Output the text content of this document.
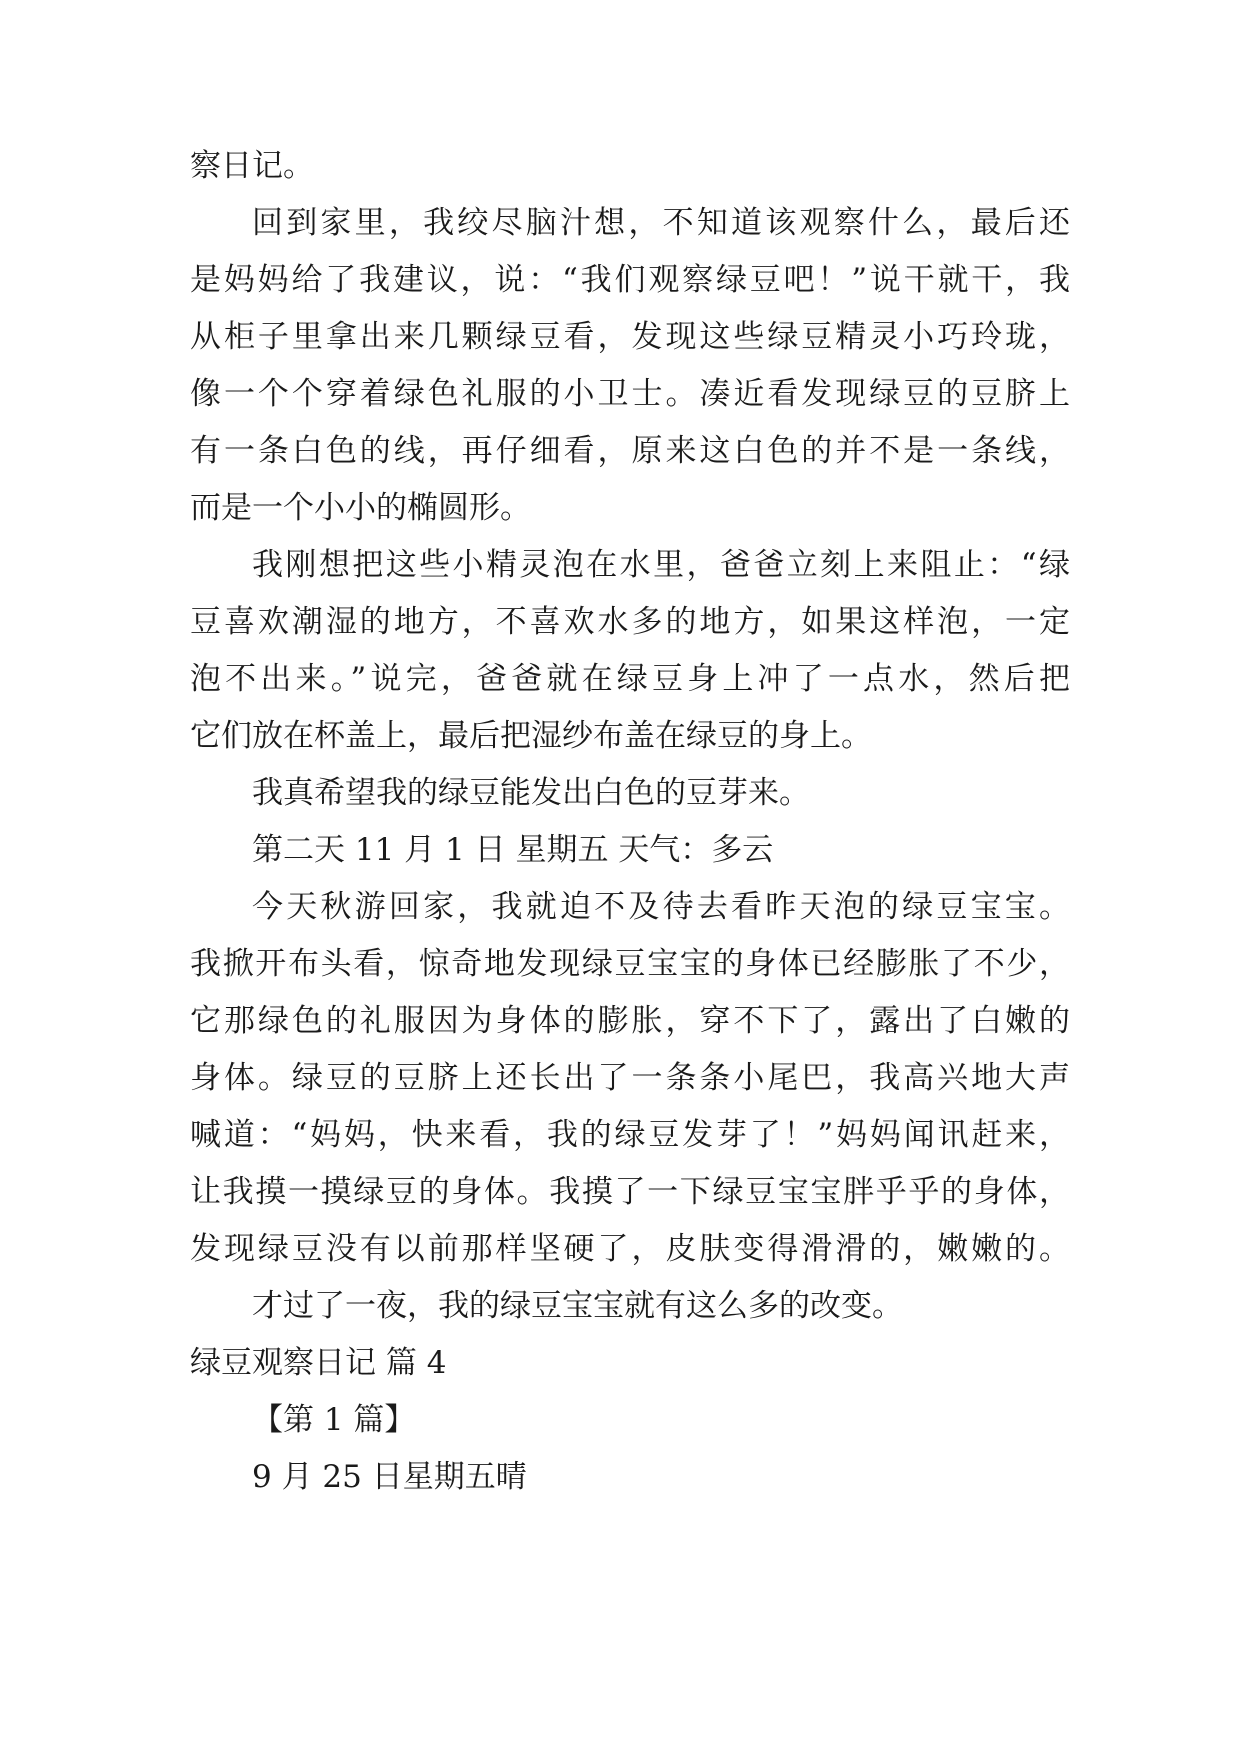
察日记。

回到家里，我绞尽脑汁想，不知道该观察什么，最后还

是妈妈给了我建议，说：“我们观察绿豆吧！”说干就干，我

从柜子里拿出来几颗绿豆看，发现这些绿豆精灵小巧玲珑，

像一个个穿着绿色礼服的小卫士。凑近看发现绿豆的豆脐上

有一条白色的线，再仔细看，原来这白色的并不是一条线，

而是一个小小的椭圆形。

我刚想把这些小精灵泡在水里，爸爸立刻上来阻止：“绿

豆喜欢潮湿的地方，不喜欢水多的地方，如果这样泡，一定

泡不出来。”说完，爸爸就在绿豆身上冲了一点水，然后把

它们放在杯盖上，最后把湿纱布盖在绿豆的身上。

我真希望我的绿豆能发出白色的豆芽来。

第二天 11 月 1 日 星期五 天气：多云

今天秋游回家，我就迫不及待去看昨天泡的绿豆宝宝。

我掀开布头看，惊奇地发现绿豆宝宝的身体已经膨胀了不少，

它那绿色的礼服因为身体的膨胀，穿不下了，露出了白嫩的

身体。绿豆的豆脐上还长出了一条条小尾巴，我高兴地大声

喊道：“妈妈，快来看，我的绿豆发芽了！”妈妈闻讯赶来，

让我摸一摸绿豆的身体。我摸了一下绿豆宝宝胖乎乎的身体，

发现绿豆没有以前那样坚硬了，皮肤变得滑滑的，嫩嫩的。

才过了一夜，我的绿豆宝宝就有这么多的改变。

绿豆观察日记 篇 4

【第 1 篇】

9 月 25 日星期五晴
